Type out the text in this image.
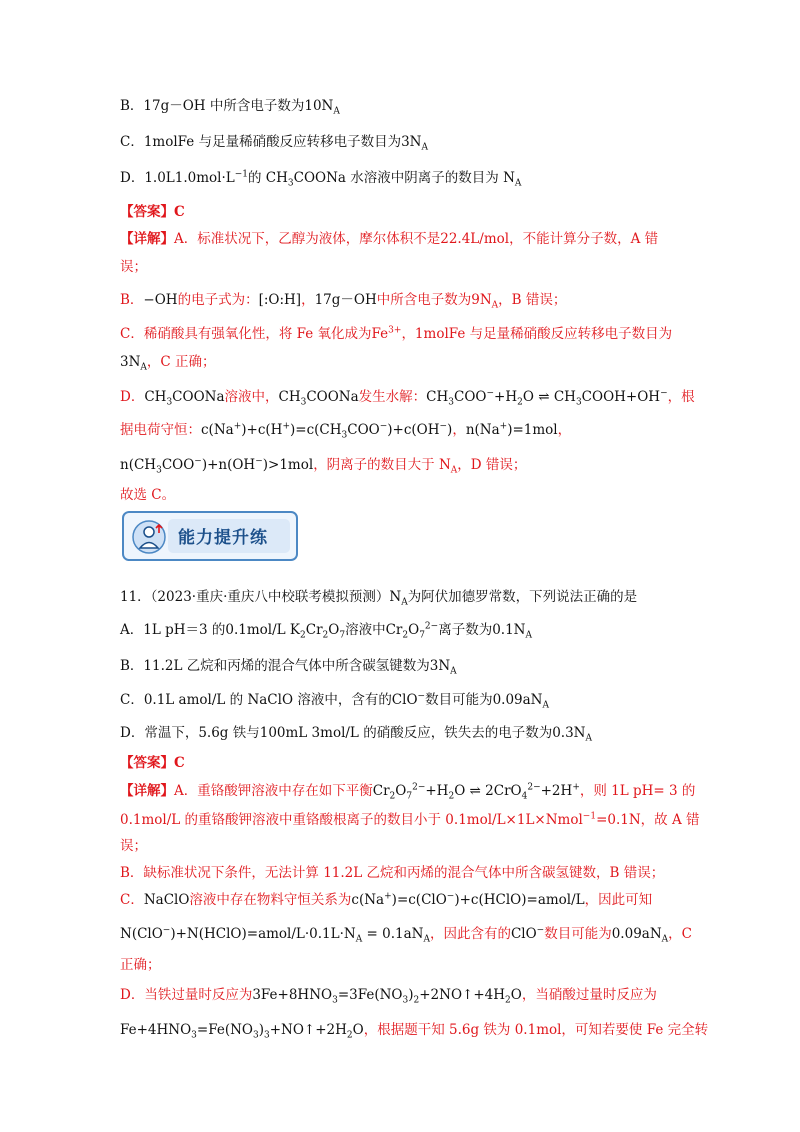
B．17g－OH 中所含电子数为$10N_A$
C．1molFe 与足量稀硝酸反应转移电子数目为$3N_A$
D．$1.0L1.0mol\cdot L^{-1}$的 $CH_3COONa$ 水溶液中阴离子的数目为 $N_A$
【答案】C
【详解】A．标准状况下，乙醇为液体，摩尔体积不是22.4L/mol，不能计算分子数，A 错
误；
B．−OH的电子式为：[:O:H]，17g－OH中所含电子数为$9N_A$，B 错误；
C．稀硝酸具有强氧化性，将 Fe 氧化成为$Fe^{3+}$，1molFe 与足量稀硝酸反应转移电子数目为
$3N_A$，C 正确；
D．$CH_3COONa$溶液中，$CH_3COONa$发生水解：$CH_3COO^-+H_2O$ ⇌ $CH_3COOH+OH^-$，根
据电荷守恒：$c(Na^+)+c(H^+)=c(CH_3COO^-)+c(OH^-)$，n(Na+)=1mol，
$n(CH_3COO^-)+n(OH^-)>1mol$，阴离子的数目大于 $N_A$，D 错误；
故选 C。
11．（2023·重庆·重庆八中校联考模拟预测）$N_A$为阿伏加德罗常数，下列说法正确的是
A．1L pH＝3 的0.1mol/L $K_2Cr_2O_7$溶液中$Cr_2O_7^{2-}$离子数为$0.1N_A$
B．11.2L 乙烷和丙烯的混合气体中所含碳氢键数为$3N_A$
C．0.1L amol/L 的 NaClO 溶液中，含有的ClO−数目可能为$0.09aN_A$
D．常温下，5.6g 铁与100mL 3mol/L 的硝酸反应，铁失去的电子数为$0.3N_A$
【答案】C
【详解】A．重铬酸钾溶液中存在如下平衡$Cr_2O_7^{2-}+H_2O$ ⇌ 2CrO$_4^{2-}$+2H+，则 1L pH= 3 的
0.1mol/L 的重铬酸钾溶液中重铬酸根离子的数目小于 0.1mol/L×1L×Nmol$^{-1}$=0.1N，故 A 错
误；
B．缺标准状况下条件，无法计算 11.2L 乙烷和丙烯的混合气体中所含碳氢键数，B 错误；
C．NaClO溶液中存在物料守恒关系为c(Na+)=c(ClO−)+c(HClO)=amol/L，因此可知
$N(ClO^-)+N(HClO)=amol/L\cdot 0.1L\cdot N_A = 0.1aN_A$，因此含有的ClO−数目可能为$0.09aN_A$，C
正确；
D．当铁过量时反应为$3Fe+8HNO_3=3Fe(NO_3)_2+2NO↑+4H_2O$，当硝酸过量时反应为
$Fe+4HNO_3=Fe(NO_3)_3+NO↑+2H_2O$，根据题干知 5.6g 铁为 0.1mol，可知若要使 Fe 完全转
能力提升练
